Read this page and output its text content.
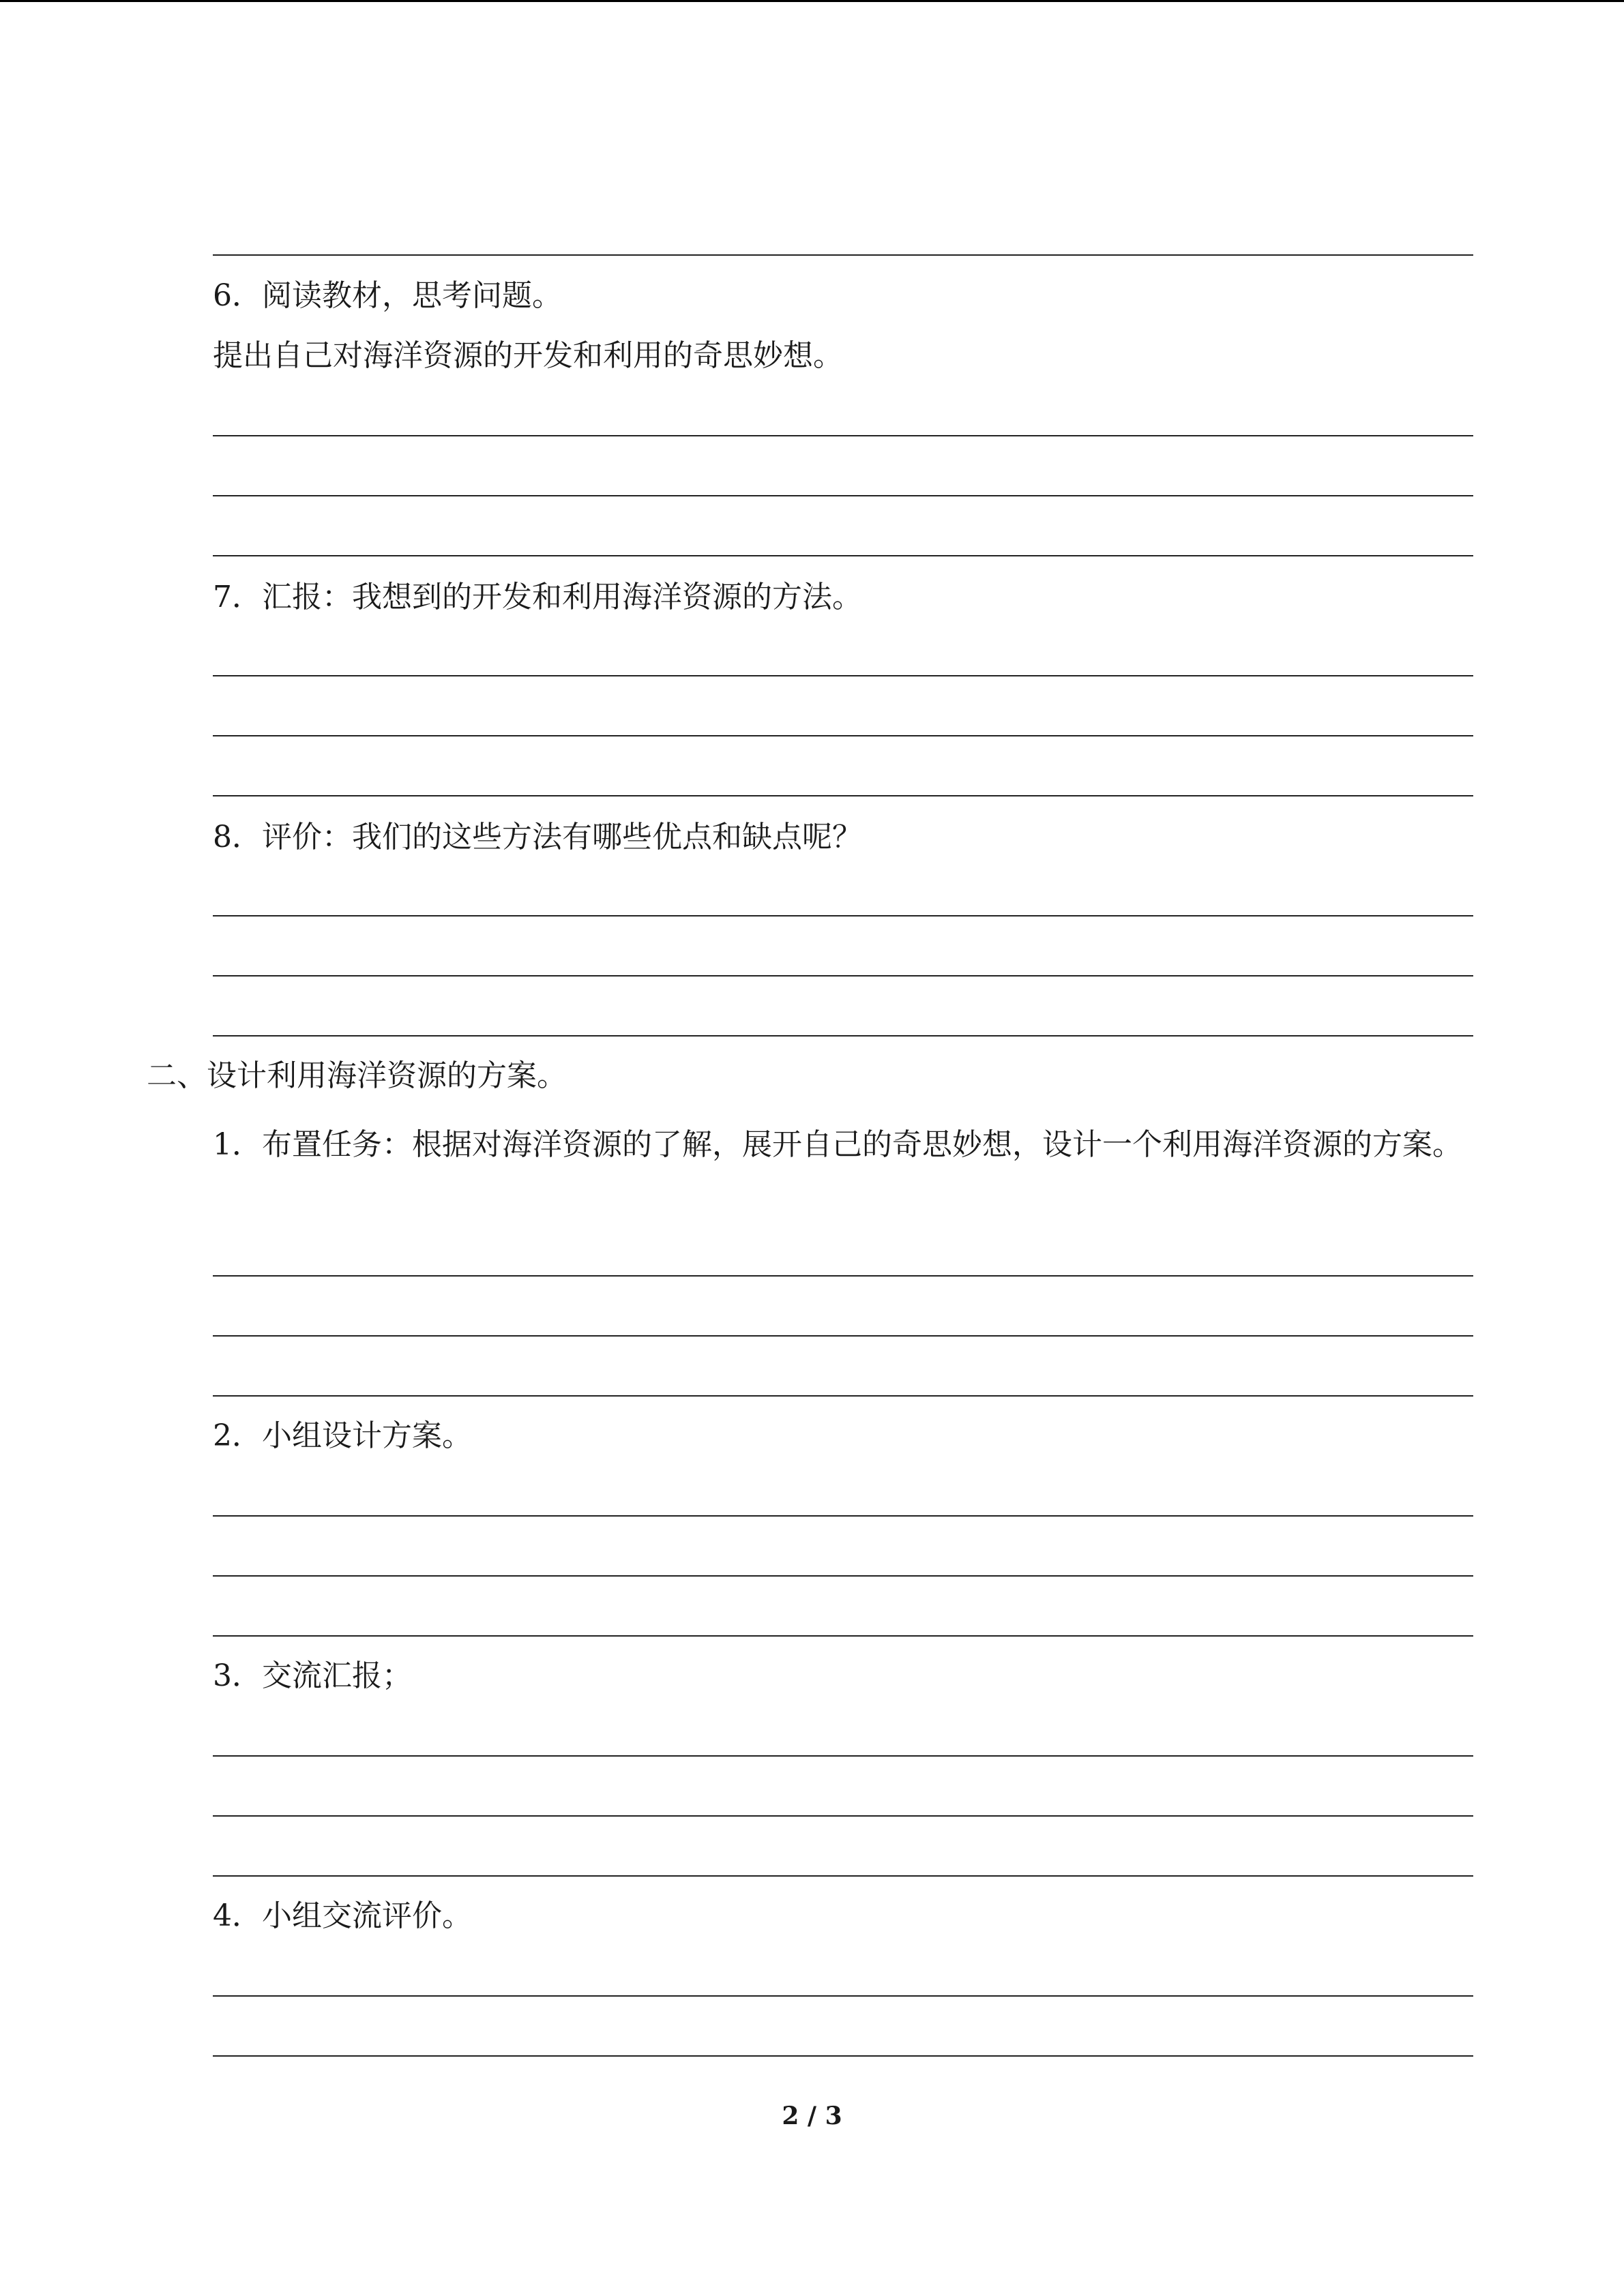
6．阅读教材，思考问题。
提出自己对海洋资源的开发和利用的奇思妙想。
7．汇报：我想到的开发和利用海洋资源的方法。
8．评价：我们的这些方法有哪些优点和缺点呢？
二、设计利用海洋资源的方案。
1．布置任务：根据对海洋资源的了解，展开自己的奇思妙想，设计一个利用海洋资源的方案。
2．小组设计方案。
3．交流汇报；
4．小组交流评价。
2 / 3
